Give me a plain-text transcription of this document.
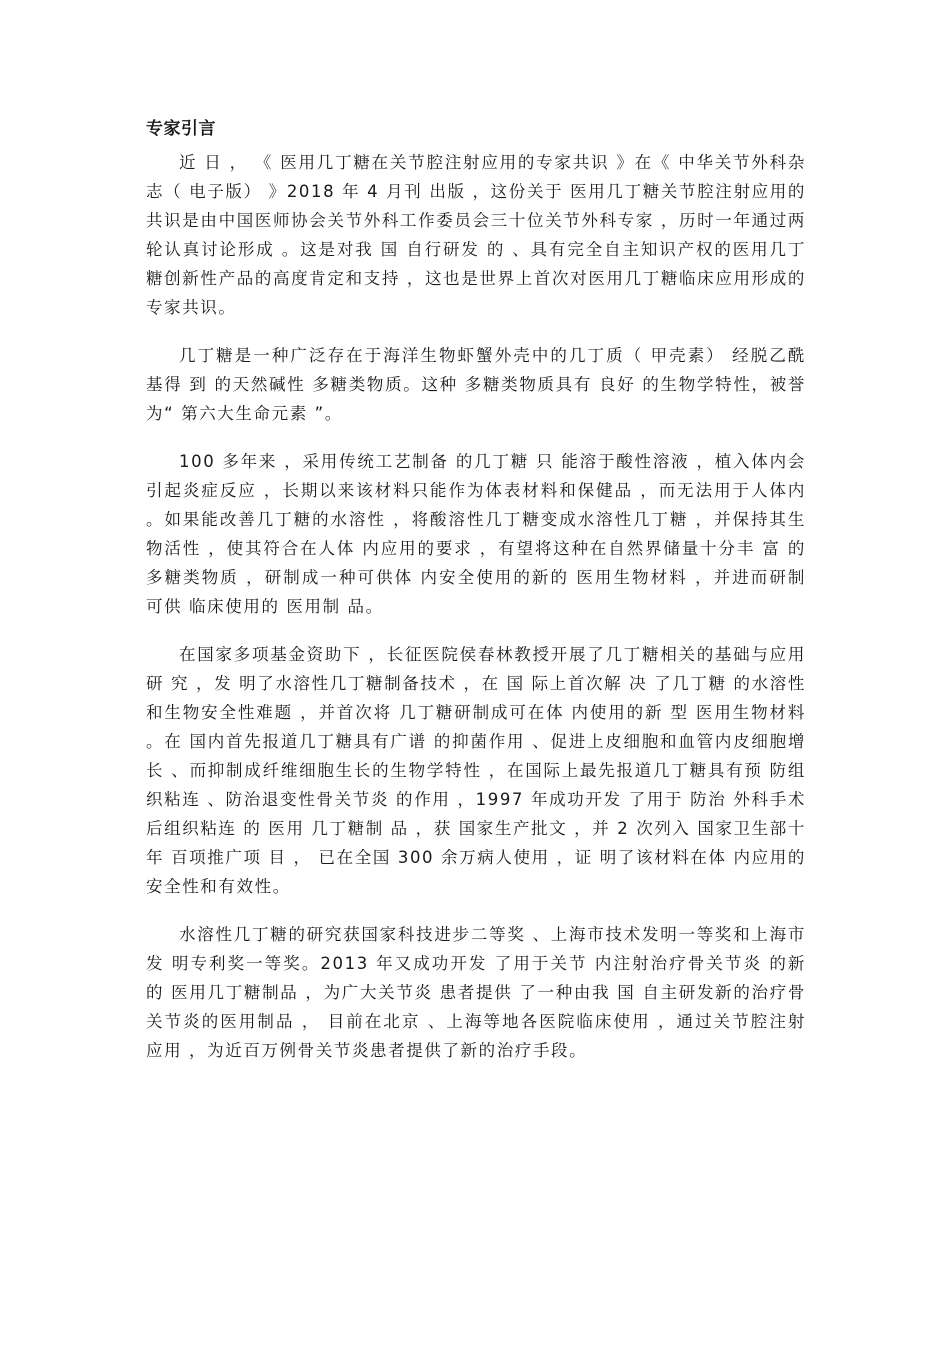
专家引言

近 日 ， 《 医用几丁糖在关节腔注射应用的专家共识 》在《 中华关节外科杂 志（ 电子版） 》2018 年 4 月刊 出版 ，这份关于 医用几丁糖关节腔注射应用的共识是由中国医师协会关节外科工作委员会三十位关节外科专家 ，历时一年通过两轮认真讨论形成 。这是对我 国 自行研发 的 、具有完全自主知识产权的医用几丁糖创新性产品的高度肯定和支持 ，这也是世界上首次对医用几丁糖临床应用形成的专家共识。

几丁糖是一种广泛存在于海洋生物虾蟹外壳中的几丁质（ 甲壳素） 经脱乙酰基得 到 的天然碱性 多糖类物质。这种 多糖类物质具有 良好 的生物学特性，被誉为“ 第六大生命元素 ”。

100 多年来 ，采用传统工艺制备 的几丁糖 只 能溶于酸性溶液 ，植入体内会引起炎症反应 ，长期以来该材料只能作为体表材料和保健品 ，而无法用于人体内 。如果能改善几丁糖的水溶性 ，将酸溶性几丁糖变成水溶性几丁糖 ，并保持其生物活性 ，使其符合在人体 内应用的要求 ，有望将这种在自然界储量十分丰 富 的 多糖类物质 ，研制成一种可供体 内安全使用的新的 医用生物材料 ，并进而研制可供 临床使用的 医用制 品。

在国家多项基金资助下 ，长征医院侯春林教授开展了几丁糖相关的基础与应用研 究 ，发 明了水溶性几丁糖制备技术 ，在 国 际上首次解 决 了几丁糖 的水溶性和生物安全性难题 ，并首次将 几丁糖研制成可在体 内使用的新 型 医用生物材料 。在 国内首先报道几丁糖具有广谱 的抑菌作用 、促进上皮细胞和血管内皮细胞增长 、而抑制成纤维细胞生长的生物学特性 ，在国际上最先报道几丁糖具有预 防组织粘连 、防治退变性骨关节炎 的作用 ，1997 年成功开发 了用于 防治 外科手术后组织粘连 的 医用 几丁糖制 品 ，获 国家生产批文 ，并 2 次列入 国家卫生部十年 百项推广项 目 ， 已在全国 300 余万病人使用 ，证 明了该材料在体 内应用的安全性和有效性。

水溶性几丁糖的研究获国家科技进步二等奖 、上海市技术发明一等奖和上海市发 明专利奖一等奖。2013 年又成功开发 了用于关节 内注射治疗骨关节炎 的新 的 医用几丁糖制品 ，为广大关节炎 患者提供 了一种由我 国 自主研发新的治疗骨关节炎的医用制品 ， 目前在北京 、上海等地各医院临床使用 ，通过关节腔注射应用 ，为近百万例骨关节炎患者提供了新的治疗手段。
